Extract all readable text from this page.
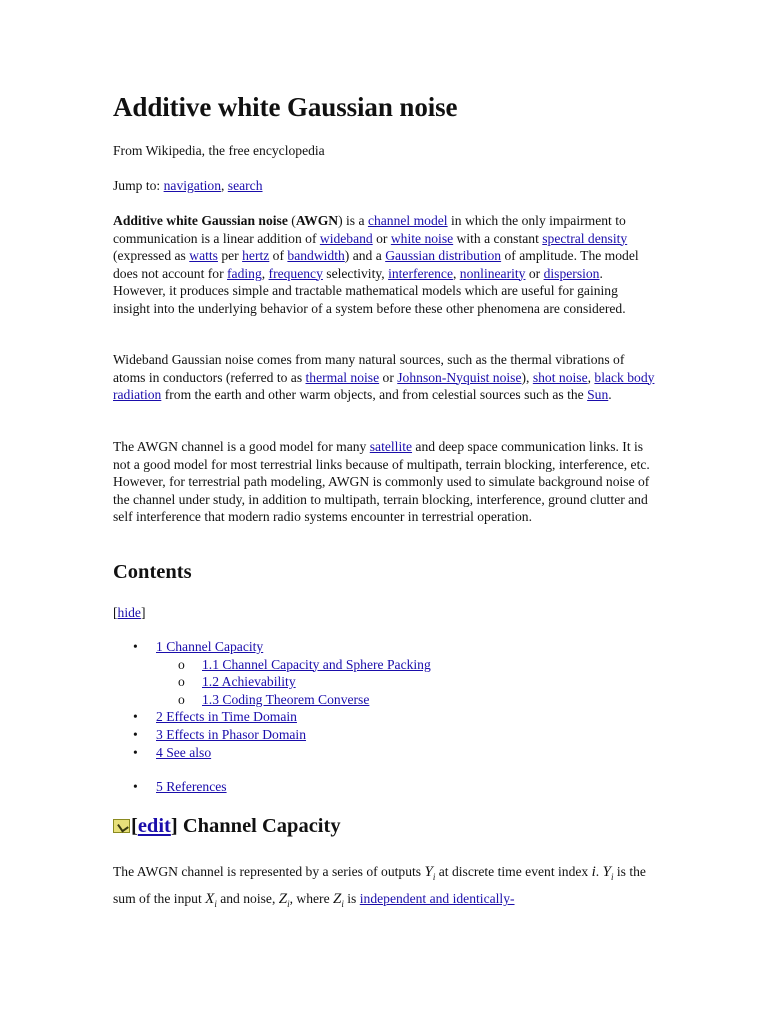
Additive white Gaussian noise
From Wikipedia, the free encyclopedia
Jump to: navigation, search

Additive white Gaussian noise (AWGN) is a channel model in which the only impairment to communication is a linear addition of wideband or white noise with a constant spectral density (expressed as watts per hertz of bandwidth) and a Gaussian distribution of amplitude. The model does not account for fading, frequency selectivity, interference, nonlinearity or dispersion. However, it produces simple and tractable mathematical models which are useful for gaining insight into the underlying behavior of a system before these other phenomena are considered.

Wideband Gaussian noise comes from many natural sources, such as the thermal vibrations of atoms in conductors (referred to as thermal noise or Johnson-Nyquist noise), shot noise, black body radiation from the earth and other warm objects, and from celestial sources such as the Sun.

The AWGN channel is a good model for many satellite and deep space communication links. It is not a good model for most terrestrial links because of multipath, terrain blocking, interference, etc. However, for terrestrial path modeling, AWGN is commonly used to simulate background noise of the channel under study, in addition to multipath, terrain blocking, interference, ground clutter and self interference that modern radio systems encounter in terrestrial operation.

Contents
[hide]
• 1 Channel Capacity
o 1.1 Channel Capacity and Sphere Packing
o 1.2 Achievability
o 1.3 Coding Theorem Converse
• 2 Effects in Time Domain
• 3 Effects in Phasor Domain
• 4 See also
• 5 References
[edit] Channel Capacity

The AWGN channel is represented by a series of outputs $Y_i$ at discrete time event index i. $Y_i$ is the sum of the input $X_i$ and noise, $Z_i$, where $Z_i$ is independent and identically-
